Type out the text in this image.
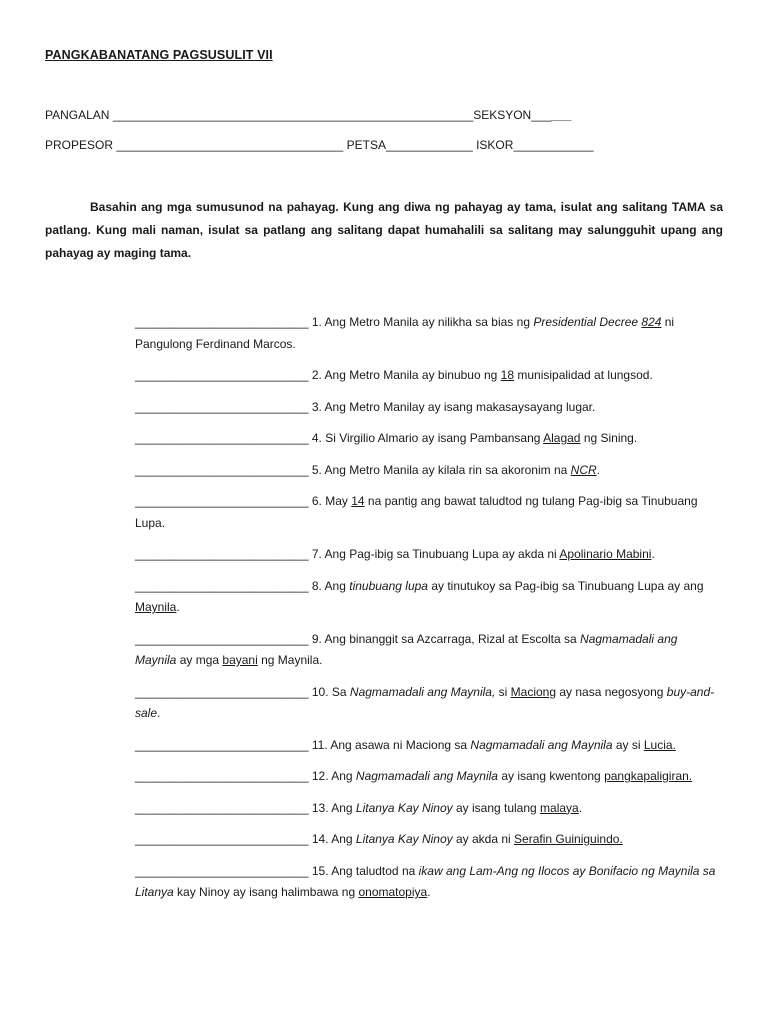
PANGKABANATANG PAGSUSULIT VII
PANGALAN ______________________________________________________SEKSYON______
PROPESOR __________________________________ PETSA_____________ ISKOR____________
Basahin ang mga sumusunod na pahayag. Kung ang diwa ng pahayag ay tama, isulat ang salitang TAMA sa patlang. Kung mali naman, isulat sa patlang ang salitang dapat humahalili sa salitang may salungguhit upang ang pahayag ay maging tama.

__________________________ 1. Ang Metro Manila ay nilikha sa bias ng Presidential Decree 824 ni Pangulong Ferdinand Marcos.

__________________________ 2. Ang Metro Manila ay binubuo ng 18 munisipalidad at lungsod.

__________________________ 3. Ang Metro Manilay ay isang makasaysayang lugar.

__________________________ 4. Si Virgilio Almario ay isang Pambansang Alagad ng Sining.

__________________________ 5. Ang Metro Manila ay kilala rin sa akoronim na NCR.

__________________________ 6. May 14 na pantig ang bawat taludtod ng tulang Pag-ibig sa Tinubuang Lupa.

__________________________ 7. Ang Pag-ibig sa Tinubuang Lupa ay akda ni Apolinario Mabini.

__________________________ 8. Ang tinubuang lupa ay tinutukoy sa Pag-ibig sa Tinubuang Lupa ay ang Maynila.

__________________________ 9. Ang binanggit sa Azcarraga, Rizal at Escolta sa Nagmamadali ang Maynila ay mga bayani ng Maynila.

__________________________ 10. Sa Nagmamadali ang Maynila, si Maciong ay nasa negosyong buy-and-sale.

__________________________ 11. Ang asawa ni Maciong sa Nagmamadali ang Maynila ay si Lucia.

__________________________ 12. Ang Nagmamadali ang Maynila ay isang kwentong pangkapaligiran.

__________________________ 13. Ang Litanya Kay Ninoy ay isang tulang malaya.

__________________________ 14. Ang Litanya Kay Ninoy ay akda ni Serafin Guiniguindo.

__________________________ 15. Ang taludtod na ikaw ang Lam-Ang ng Ilocos ay Bonifacio ng Maynila sa Litanya kay Ninoy ay isang halimbawa ng onomatopiya.
